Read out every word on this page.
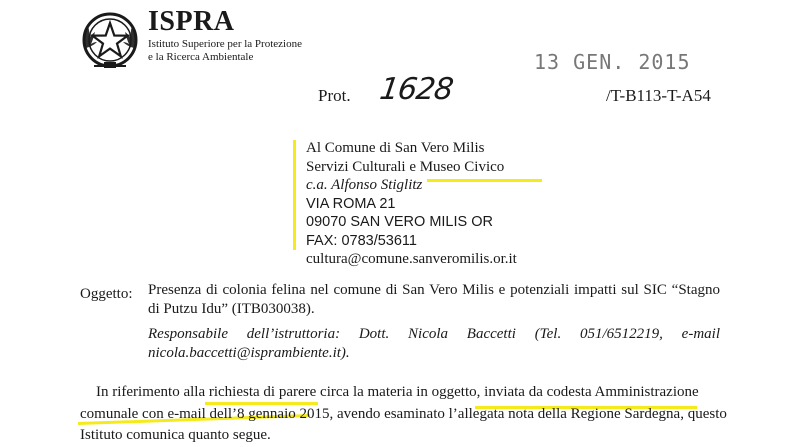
ISPRA
Istituto Superiore per la Protezione
e la Ricerca Ambientale	13 GEN. 2015
Prot. 1628	/T-B113-T-A54
Al Comune di San Vero Milis
Servizi Culturali e Museo Civico
c.a. Alfonso Stiglitz
VIA ROMA 21
09070 SAN VERO MILIS OR
FAX: 0783/53611
cultura@comune.sanveromilis.or.it
Oggetto: Presenza di colonia felina nel comune di San Vero Milis e potenziali impatti sul SIC “Stagno di Putzu Idu” (ITB030038).
Responsabile dell’istruttoria: Dott. Nicola Baccetti (Tel. 051/6512219, e-mail nicola.baccetti@isprambiente.it).
In riferimento alla richiesta di parere circa la materia in oggetto, inviata da codesta Amministrazione
comunale con e-mail dell’8 gennaio 2015, avendo esaminato l’allegata nota della Regione Sardegna, questo
Istituto comunica quanto segue.
